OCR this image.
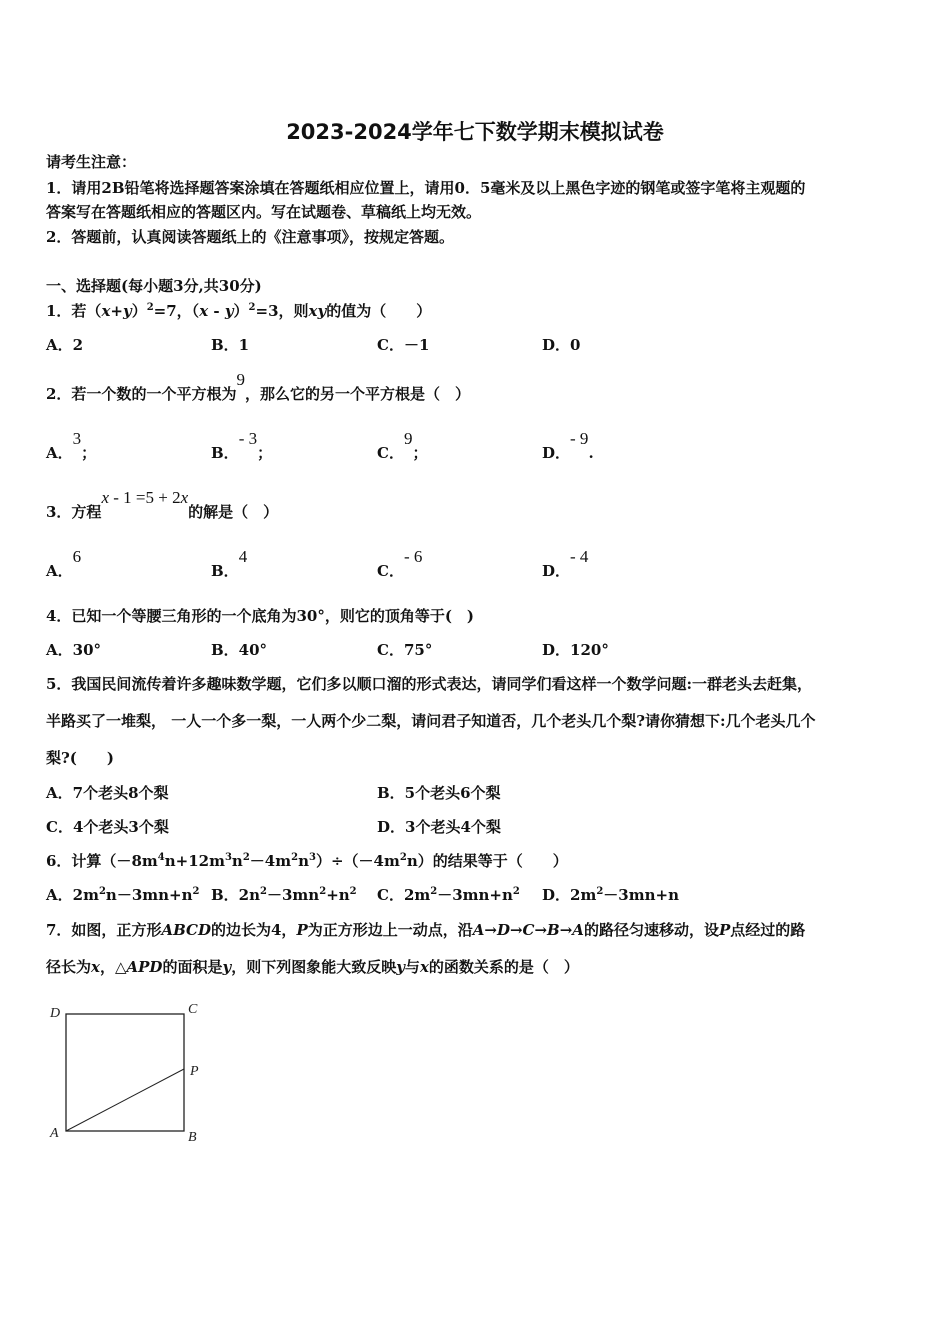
2023-2024学年七下数学期末模拟试卷
请考生注意：
1．请用2B铅笔将选择题答案涂填在答题纸相应位置上，请用0．5毫米及以上黑色字迹的钢笔或签字笔将主观题的
答案写在答题纸相应的答题区内。写在试题卷、草稿纸上均无效。
2．答题前，认真阅读答题纸上的《注意事项》，按规定答题。
一、选择题(每小题3分,共30分)
1．若$(x+y)^2=7$，（x - y）$^2$=3，则xy的值为（　　）
A．2	B．1	C．－1	D．0
2．若一个数的一个平方根为9，那么它的另一个平方根是（　）
A．3；	B．- 3；	C．9；	D．- 9.
3．方程x - 1 =5 + 2x的解是（　）
A．6
B．4
C．- 6
D．- 4
4．已知一个等腰三角形的一个底角为30°，则它的顶角等于(　)
A．30°	B．40°	C．75°	D．120°
5．我国民间流传着许多趣味数学题，它们多以顺口溜的形式表达，请同学们看这样一个数学问题:一群老头去赶集，
半路买了一堆梨， 一人一个多一梨，一人两个少二梨，请问君子知道否，几个老头几个梨?请你猜想下:几个老头几个
梨?(　　)
A．7个老头8个梨	B．5个老头6个梨
C．4个老头3个梨	D．3个老头4个梨
6．计算$(-8m^4n+12m^3n^2-4m^2n^3)\div(-4m^2n)$的结果等于（　　）
A．$2m^2n-3mn+n^2$ B．$2n^2-3mn^2+n^2$ C．$2m^2-3mn+n^2$ D．$2m^2-3mn+n$
7．如图，正方形ABCD的边长为4，P为正方形边上一动点，沿A→D→C→B→A的路径匀速移动，设P点经过的路
径长为x，△APD的面积是y，则下列图象能大致反映y与x的函数关系的是（　）
D	C
P
A	B
